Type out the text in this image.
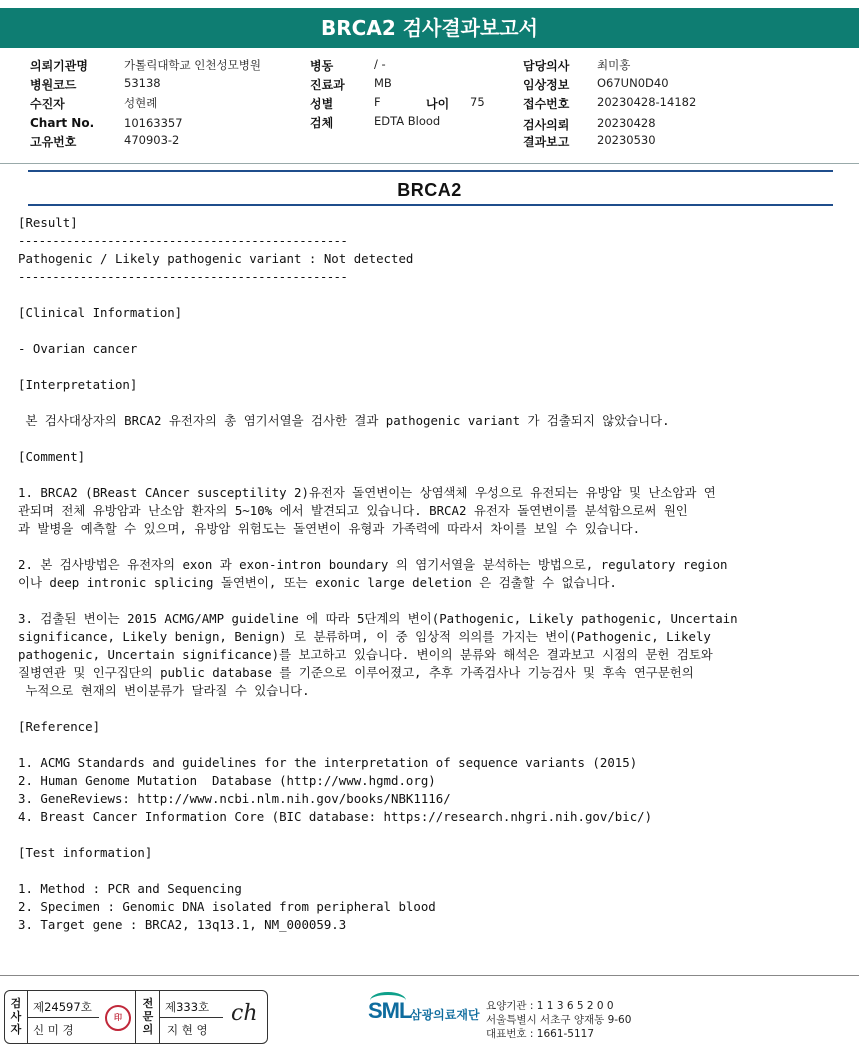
BRCA2 검사결과보고서
의뢰기관명	가톨릭대학교 인천성모병원
병원코드	53138
수진자	성현례
Chart No.	10163357
고유번호	470903-2
병동	/ -
진료과	MB
성별	F	나이 75
검체	EDTA Blood
담당의사 최미홍
임상정보 O67UN0D40
접수번호 20230428-14182
검사의뢰 20230428
결과보고 20230530
BRCA2
[Result]
------------------------------------------------
Pathogenic / Likely pathogenic variant : Not detected
------------------------------------------------
[Clinical Information]
- Ovarian cancer
[Interpretation]
본 검사대상자의 BRCA2 유전자의 총 염기서열을 검사한 결과 pathogenic variant 가 검출되지 않았습니다.
[Comment]
1. BRCA2 (BReast CAncer susceptility 2)유전자 돌연변이는 상염색체 우성으로 유전되는 유방암 및 난소암과 연
관되며 전체 유방암과 난소암 환자의 5~10% 에서 발견되고 있습니다. BRCA2 유전자 돌연변이를 분석함으로써 원인
과 발병을 예측할 수 있으며, 유방암 위험도는 돌연변이 유형과 가족력에 따라서 차이를 보일 수 있습니다.
2. 본 검사방법은 유전자의 exon 과 exon-intron boundary 의 염기서열을 분석하는 방법으로, regulatory region
이나 deep intronic splicing 돌연변이, 또는 exonic large deletion 은 검출할 수 없습니다.
3. 검출된 변이는 2015 ACMG/AMP guideline 에 따라 5단계의 변이(Pathogenic, Likely pathogenic, Uncertain
significance, Likely benign, Benign) 로 분류하며, 이 중 임상적 의의를 가지는 변이(Pathogenic, Likely
pathogenic, Uncertain significance)를 보고하고 있습니다. 변이의 분류와 해석은 결과보고 시점의 문헌 검토와
질병연관 및 인구집단의 public database 를 기준으로 이루어졌고, 추후 가족검사나 기능검사 및 후속 연구문헌의
누적으로 현재의 변이분류가 달라질 수 있습니다.
[Reference]
1. ACMG Standards and guidelines for the interpretation of sequence variants (2015)
2. Human Genome Mutation  Database (http://www.hgmd.org)
3. GeneReviews: http://www.ncbi.nlm.nih.gov/books/NBK1116/
4. Breast Cancer Information Core (BIC database: https://research.nhgri.nih.gov/bic/)
[Test information]
1. Method : PCR and Sequencing
2. Specimen : Genomic DNA isolated from peripheral blood
3. Target gene : BRCA2, 13q13.1, NM_000059.3
검사자
제24597호
신 미 경
印
전문의
제333호
지 현 영
ch	SML
삼광의료재단
요양기관 : 1 1 3 6 5 2 0 0
서울특별시 서초구 양재동 9-60
대표번호 : 1661-5117
